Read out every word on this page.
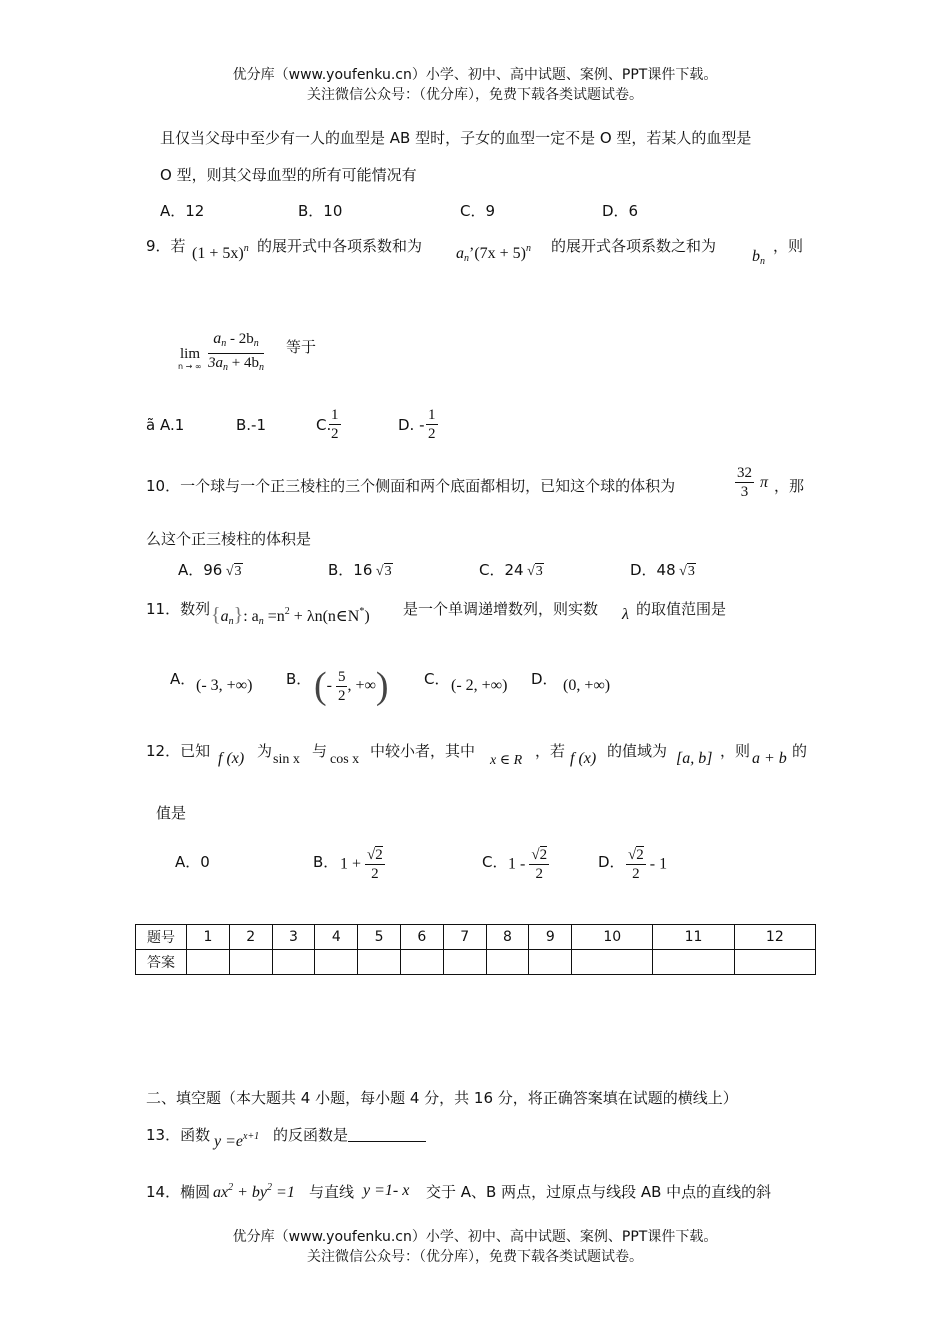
优分库（www.youfenku.cn）小学、初中、高中试题、案例、PPT课件下载。
关注微信公众号：（优分库），免费下载各类试题试卷。
且仅当父母中至少有一人的血型是 AB 型时，子女的血型一定不是 O 型，若某人的血型是
O 型，则其父母血型的所有可能情况有
A．12	B．10	C．9	D．6
9．若 $(1 + 5x)^n$ 的展开式中各项系数和为 $a_n’(7x + 5)^n$ 的展开式各项系数之和为
$b_n$
，则
lim
n → ∞ $\frac{a_n - 2b_n}{3a_n + 4b_n}$ 等于
ã A.1	B.-1	C.
$\frac{1}{2}$	D. - $\frac{1}{2}$
10．一个球与一个正三棱柱的三个侧面和两个底面都相切，已知这个球的体积为	$\frac{32}{3}$ π ，那
么这个正三棱柱的体积是
A．96 √3	B．16 √3	C．24 √3	D．48 √3
11．数列 $\{a_n\}$: $a_n =n^2$ + λn(n∈N*) 是一个单调递增数列，则实数 λ 的取值范围是
A． (- 3, +∞) B． (- $\frac{5}{2}$ , +∞) C． (- 2, +∞) D． (0, +∞)
12．已知 f (x) 为 sin x 与 cos x 中较小者，其中
x ∈ R
，若 f (x) 的值域为 [a, b] ，则 a + b 的
值是
A．0	B． $1 + \frac{√2}{2}$	C． $1 - \frac{√2}{2}$	D． $\frac{√2}{2} - 1$
题号	1	2	3	4	5	6	7	8	9	10	11	12
答案												
二、填空题（本大题共 4 小题，每小题 4 分，共 16 分，将正确答案填在试题的横线上）
13．函数 $y =e^{x+1}$ 的反函数是
14．椭圆 $ax^2 + by^2 =1$ 与直线 y =1- x 交于 A、B 两点，过原点与线段 AB 中点的直线的斜
优分库（www.youfenku.cn）小学、初中、高中试题、案例、PPT课件下载。
关注微信公众号：（优分库），免费下载各类试题试卷。
